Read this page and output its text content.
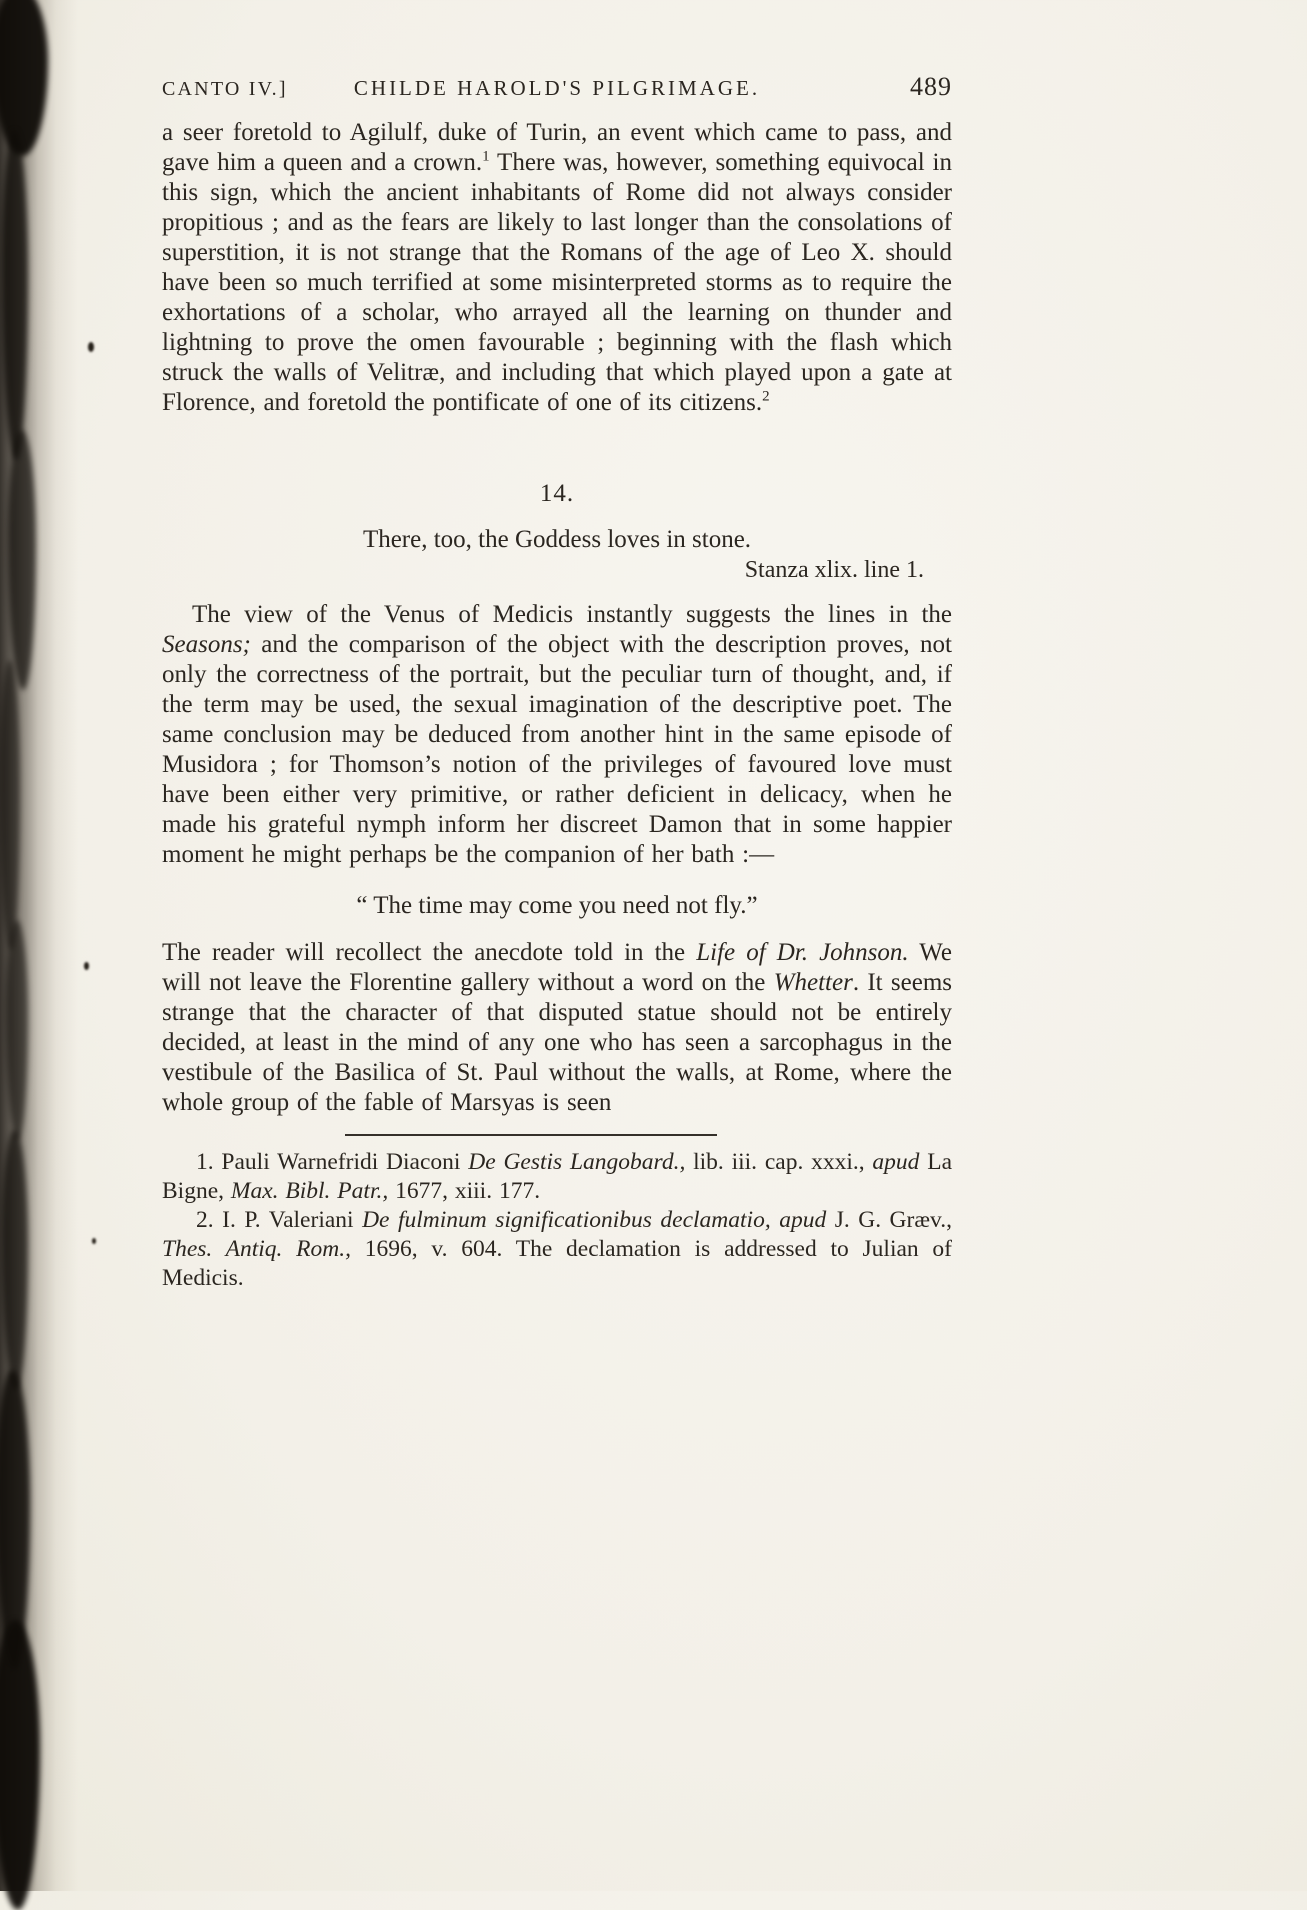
CANTO IV.]	CHILDE HAROLD'S PILGRIMAGE.	489

a seer foretold to Agilulf, duke of Turin, an event which came to pass, and gave him a queen and a crown.$^1$ There was, however, something equivocal in this sign, which the ancient inhabitants of Rome did not always consider propitious ; and as the fears are likely to last longer than the consolations of superstition, it is not strange that the Romans of the age of Leo X. should have been so much terrified at some misinterpreted storms as to require the exhortations of a scholar, who arrayed all the learning on thunder and lightning to prove the omen favourable ; beginning with the flash which struck the walls of Velitræ, and including that which played upon a gate at Florence, and foretold the pontificate of one of its citizens.$^2$

14.
There, too, the Goddess loves in stone.
Stanza xlix. line 1.

The view of the Venus of Medicis instantly suggests the lines in the Seasons; and the comparison of the object with the description proves, not only the correctness of the portrait, but the peculiar turn of thought, and, if the term may be used, the sexual imagination of the descriptive poet. The same conclusion may be deduced from another hint in the same episode of Musidora ; for Thomson’s notion of the privileges of favoured love must have been either very primitive, or rather deficient in delicacy, when he made his grateful nymph inform her discreet Damon that in some happier moment he might perhaps be the companion of her bath :—

“ The time may come you need not fly.”

The reader will recollect the anecdote told in the Life of Dr. Johnson. We will not leave the Florentine gallery without a word on the Whetter. It seems strange that the character of that disputed statue should not be entirely decided, at least in the mind of any one who has seen a sarcophagus in the vestibule of the Basilica of St. Paul without the walls, at Rome, where the whole group of the fable of Marsyas is seen

1. Pauli Warnefridi Diaconi De Gestis Langobard., lib. iii. cap. xxxi., apud La Bigne, Max. Bibl. Patr., 1677, xiii. 177.

2. I. P. Valeriani De fulminum significationibus declamatio, apud J. G. Græv., Thes. Antiq. Rom., 1696, v. 604. The declamation is addressed to Julian of Medicis.
